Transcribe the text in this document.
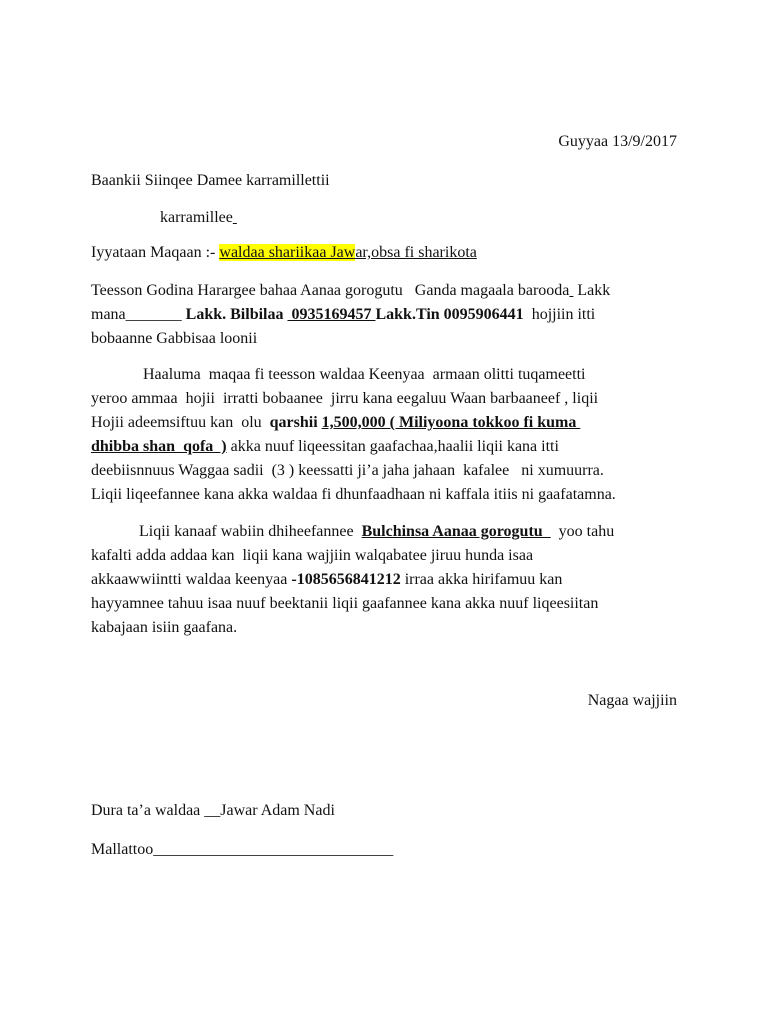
Guyyaa 13/9/2017
Baankii Siinqee Damee karramillettii
karramillee
Iyyataan Maqaan :- waldaa shariikaa Jawar,obsa fi sharikota
Teesson Godina Harargee bahaa Aanaa gorogutu   Ganda magaala barooda  Lakk
mana_______ Lakk. Bilbilaa  0935169457 Lakk.Tin 0095906441  hojjiin itti
bobaanne Gabbisaa loonii
Haaluma  maqaa fi teesson waldaa Keenyaa  armaan olitti tuqameetti
yeroo ammaa  hojii  irratti bobaanee  jirru kana eegaluu Waan barbaaneef , liqii
Hojii adeemsiftuu kan  olu  qarshii 1,500,000 ( Miliyoona tokkoo fi kuma
dhibba shan  qofa  ) akka nuuf liqeessitan gaafachaa,haalii liqii kana itti
deebiisnnuus Waggaa sadii  (3 ) keessatti ji’a jaha jahaan  kafalee   ni xumuurra.
Liqii liqeefannee kana akka waldaa fi dhunfaadhaan ni kaffala itiis ni gaafatamna.
Liqii kanaaf wabiin dhiheefannee  Bulchinsa Aanaa gorogutu    yoo tahu
kafalti adda addaa kan  liqii kana wajjiin walqabatee jiruu hunda isaa
akkaawwiintti waldaa keenyaa -1085656841212 irraa akka hirifamuu kan
hayyamnee tahuu isaa nuuf beektanii liqii gaafannee kana akka nuuf liqeesiitan
kabajaan isiin gaafana.
Nagaa wajjiin
Dura ta’a waldaa __Jawar Adam Nadi
Mallattoo______________________________
